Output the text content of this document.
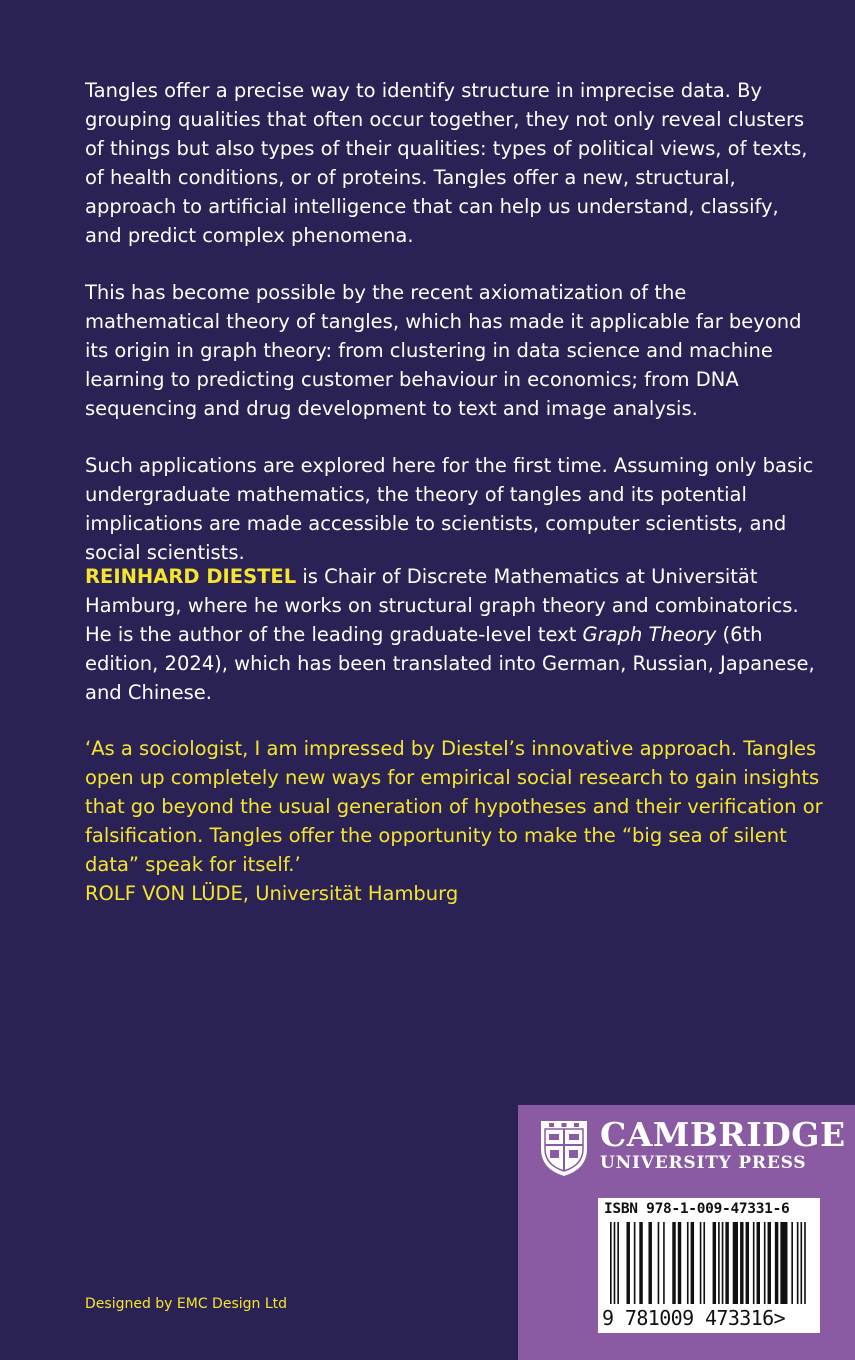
Tangles offer a precise way to identify structure in imprecise data. By grouping qualities that often occur together, they not only reveal clusters of things but also types of their qualities: types of political views, of texts, of health conditions, or of proteins. Tangles offer a new, structural, approach to artificial intelligence that can help us understand, classify, and predict complex phenomena.

This has become possible by the recent axiomatization of the mathematical theory of tangles, which has made it applicable far beyond its origin in graph theory: from clustering in data science and machine learning to predicting customer behaviour in economics; from DNA sequencing and drug development to text and image analysis.

Such applications are explored here for the first time. Assuming only basic undergraduate mathematics, the theory of tangles and its potential implications are made accessible to scientists, computer scientists, and social scientists.

REINHARD DIESTEL is Chair of Discrete Mathematics at Universität Hamburg, where he works on structural graph theory and combinatorics. He is the author of the leading graduate-level text Graph Theory (6th edition, 2024), which has been translated into German, Russian, Japanese, and Chinese.

‘As a sociologist, I am impressed by Diestel’s innovative approach. Tangles open up completely new ways for empirical social research to gain insights that go beyond the usual generation of hypotheses and their verification or falsification. Tangles offer the opportunity to make the “big sea of silent data” speak for itself.’

ROLF VON LÜDE, Universität Hamburg

Designed by EMC Design Ltd
CAMBRIDGE
UNIVERSITY PRESS
ISBN 978-1-009-47331-6
9 781009 473316>
